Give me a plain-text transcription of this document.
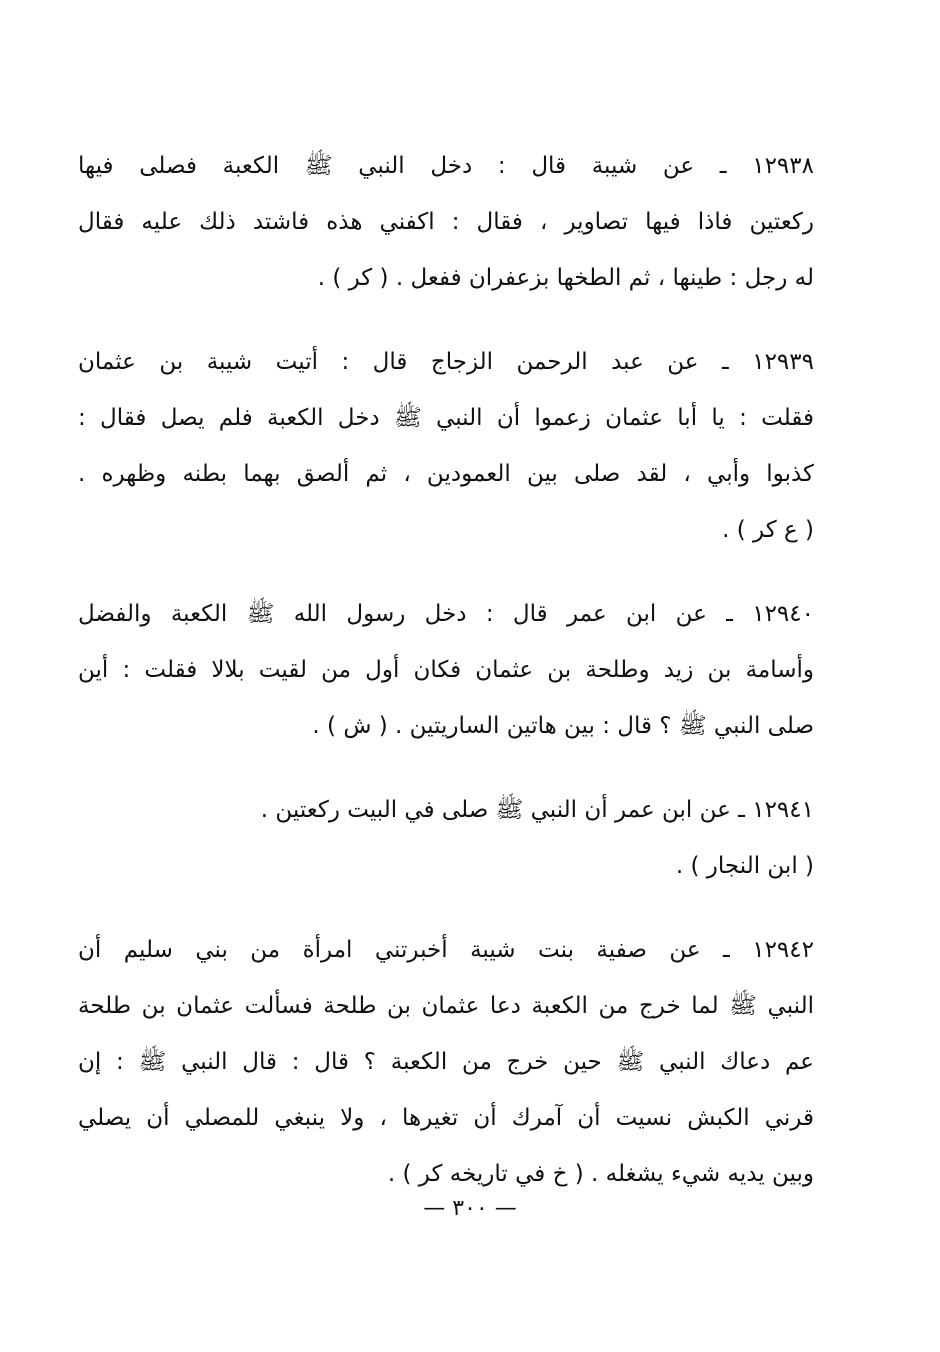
١٢٩٣٨ ـ عن شيبة قال : دخل النبي ﷺ الكعبة فصلى فيها
ركعتين فاذا فيها تصاوير ، فقال : اكفني هذه فاشتد ذلك عليه فقال
له رجل : طينها ، ثم الطخها بزعفران ففعل . ( كر ) .
١٢٩٣٩ ـ عن عبد الرحمن الزجاج قال : أتيت شيبة بن عثمان
فقلت : يا أبا عثمان زعموا أن النبي ﷺ دخل الكعبة فلم يصل فقال :
كذبوا وأبي ، لقد صلى بين العمودين ، ثم ألصق بهما بطنه وظهره .
( ع كر ) .
١٢٩٤٠ ـ عن ابن عمر قال : دخل رسول الله ﷺ الكعبة والفضل
وأسامة بن زيد وطلحة بن عثمان فكان أول من لقيت بلالا فقلت : أين
صلى النبي ﷺ ؟ قال : بين هاتين الساريتين . ( ش ) .
١٢٩٤١ ـ عن ابن عمر أن النبي ﷺ صلى في البيت ركعتين .
( ابن النجار ) .
١٢٩٤٢ ـ عن صفية بنت شيبة أخبرتني امرأة من بني سليم أن
النبي ﷺ لما خرج من الكعبة دعا عثمان بن طلحة فسألت عثمان بن طلحة
عم دعاك النبي ﷺ حين خرج من الكعبة ؟ قال : قال النبي ﷺ : إن
قرني الكبش نسيت أن آمرك أن تغيرها ، ولا ينبغي للمصلي أن يصلي
وبين يديه شيء يشغله . ( خ في تاريخه كر ) .
— ٣٠٠ —
